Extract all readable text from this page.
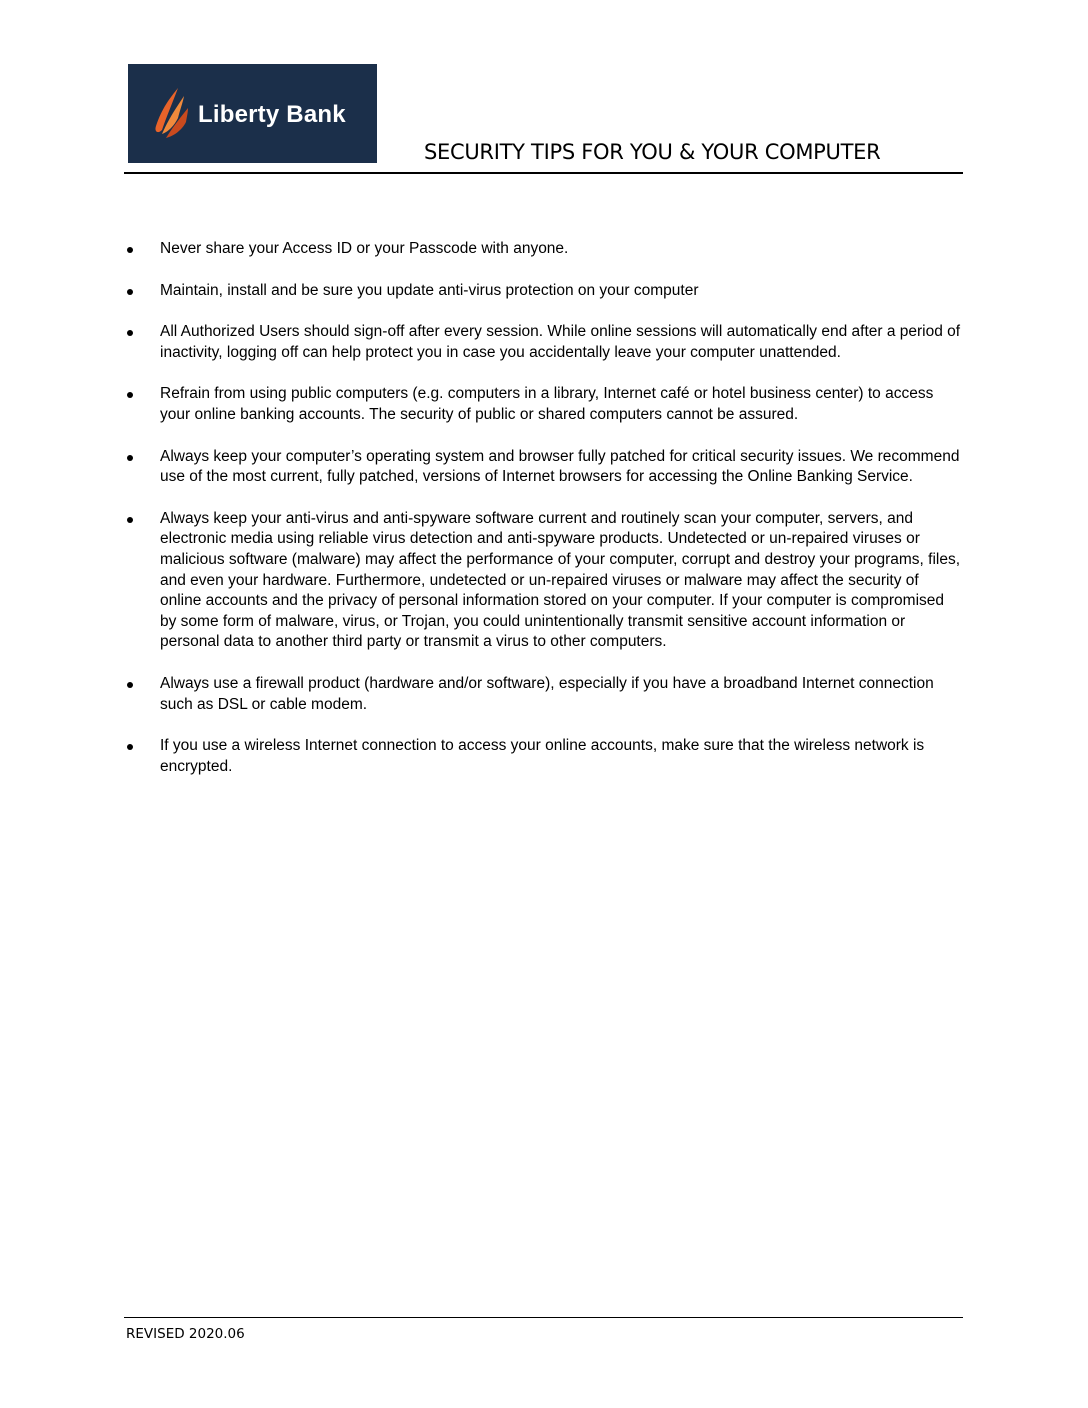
Liberty Bank
SECURITY TIPS FOR YOU & YOUR COMPUTER
Never share your Access ID or your Passcode with anyone.
Maintain, install and be sure you update anti-virus protection on your computer
All Authorized Users should sign-off after every session. While online sessions will automatically end after a period of inactivity, logging off can help protect you in case you accidentally leave your computer unattended.
Refrain from using public computers (e.g. computers in a library, Internet café or hotel business center) to access your online banking accounts. The security of public or shared computers cannot be assured.
Always keep your computer’s operating system and browser fully patched for critical security issues. We recommend use of the most current, fully patched, versions of Internet browsers for accessing the Online Banking Service.
Always keep your anti-virus and anti-spyware software current and routinely scan your computer, servers, and electronic media using reliable virus detection and anti-spyware products. Undetected or un-repaired viruses or malicious software (malware) may affect the performance of your computer, corrupt and destroy your programs, files, and even your hardware. Furthermore, undetected or un-repaired viruses or malware may affect the security of online accounts and the privacy of personal information stored on your computer. If your computer is compromised by some form of malware, virus, or Trojan, you could unintentionally transmit sensitive account information or personal data to another third party or transmit a virus to other computers.
Always use a firewall product (hardware and/or software), especially if you have a broadband Internet connection such as DSL or cable modem.
If you use a wireless Internet connection to access your online accounts, make sure that the wireless network is encrypted.
REVISED 2020.06
